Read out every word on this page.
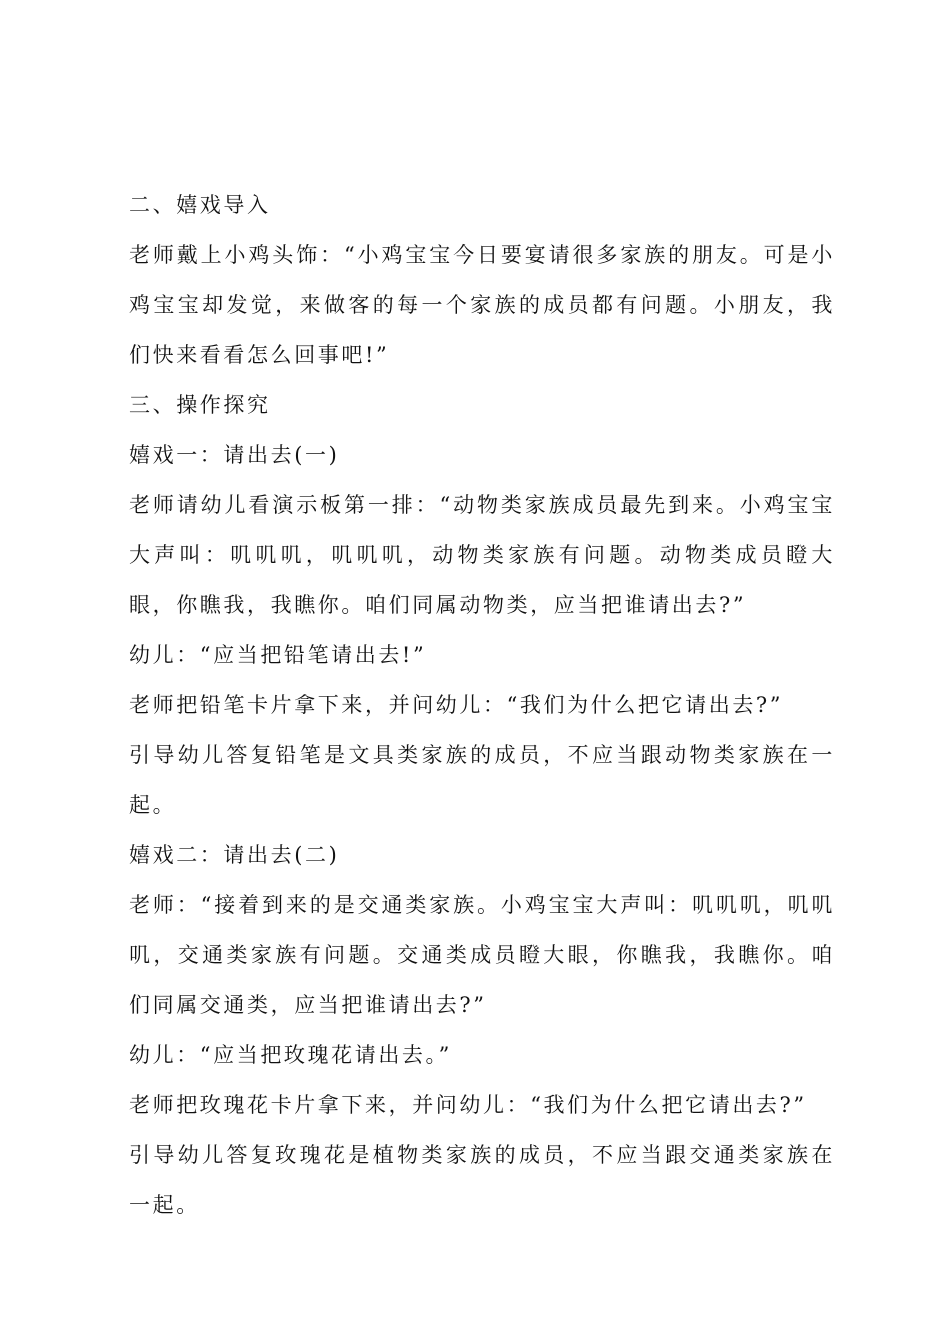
二、嬉戏导入

老师戴上小鸡头饰：“小鸡宝宝今日要宴请很多家族的朋友。可是小鸡宝宝却发觉，来做客的每一个家族的成员都有问题。小朋友，我们快来看看怎么回事吧!”

三、操作探究

嬉戏一：请出去(一)

老师请幼儿看演示板第一排：“动物类家族成员最先到来。小鸡宝宝大声叫：叽叽叽，叽叽叽，动物类家族有问题。动物类成员瞪大眼，你瞧我，我瞧你。咱们同属动物类，应当把谁请出去?”

幼儿：“应当把铅笔请出去!”

老师把铅笔卡片拿下来，并问幼儿：“我们为什么把它请出去?”

引导幼儿答复铅笔是文具类家族的成员，不应当跟动物类家族在一起。

嬉戏二：请出去(二)

老师：“接着到来的是交通类家族。小鸡宝宝大声叫：叽叽叽，叽叽叽，交通类家族有问题。交通类成员瞪大眼，你瞧我，我瞧你。咱们同属交通类，应当把谁请出去?”

幼儿：“应当把玫瑰花请出去。”

老师把玫瑰花卡片拿下来，并问幼儿：“我们为什么把它请出去?”

引导幼儿答复玫瑰花是植物类家族的成员，不应当跟交通类家族在一起。
